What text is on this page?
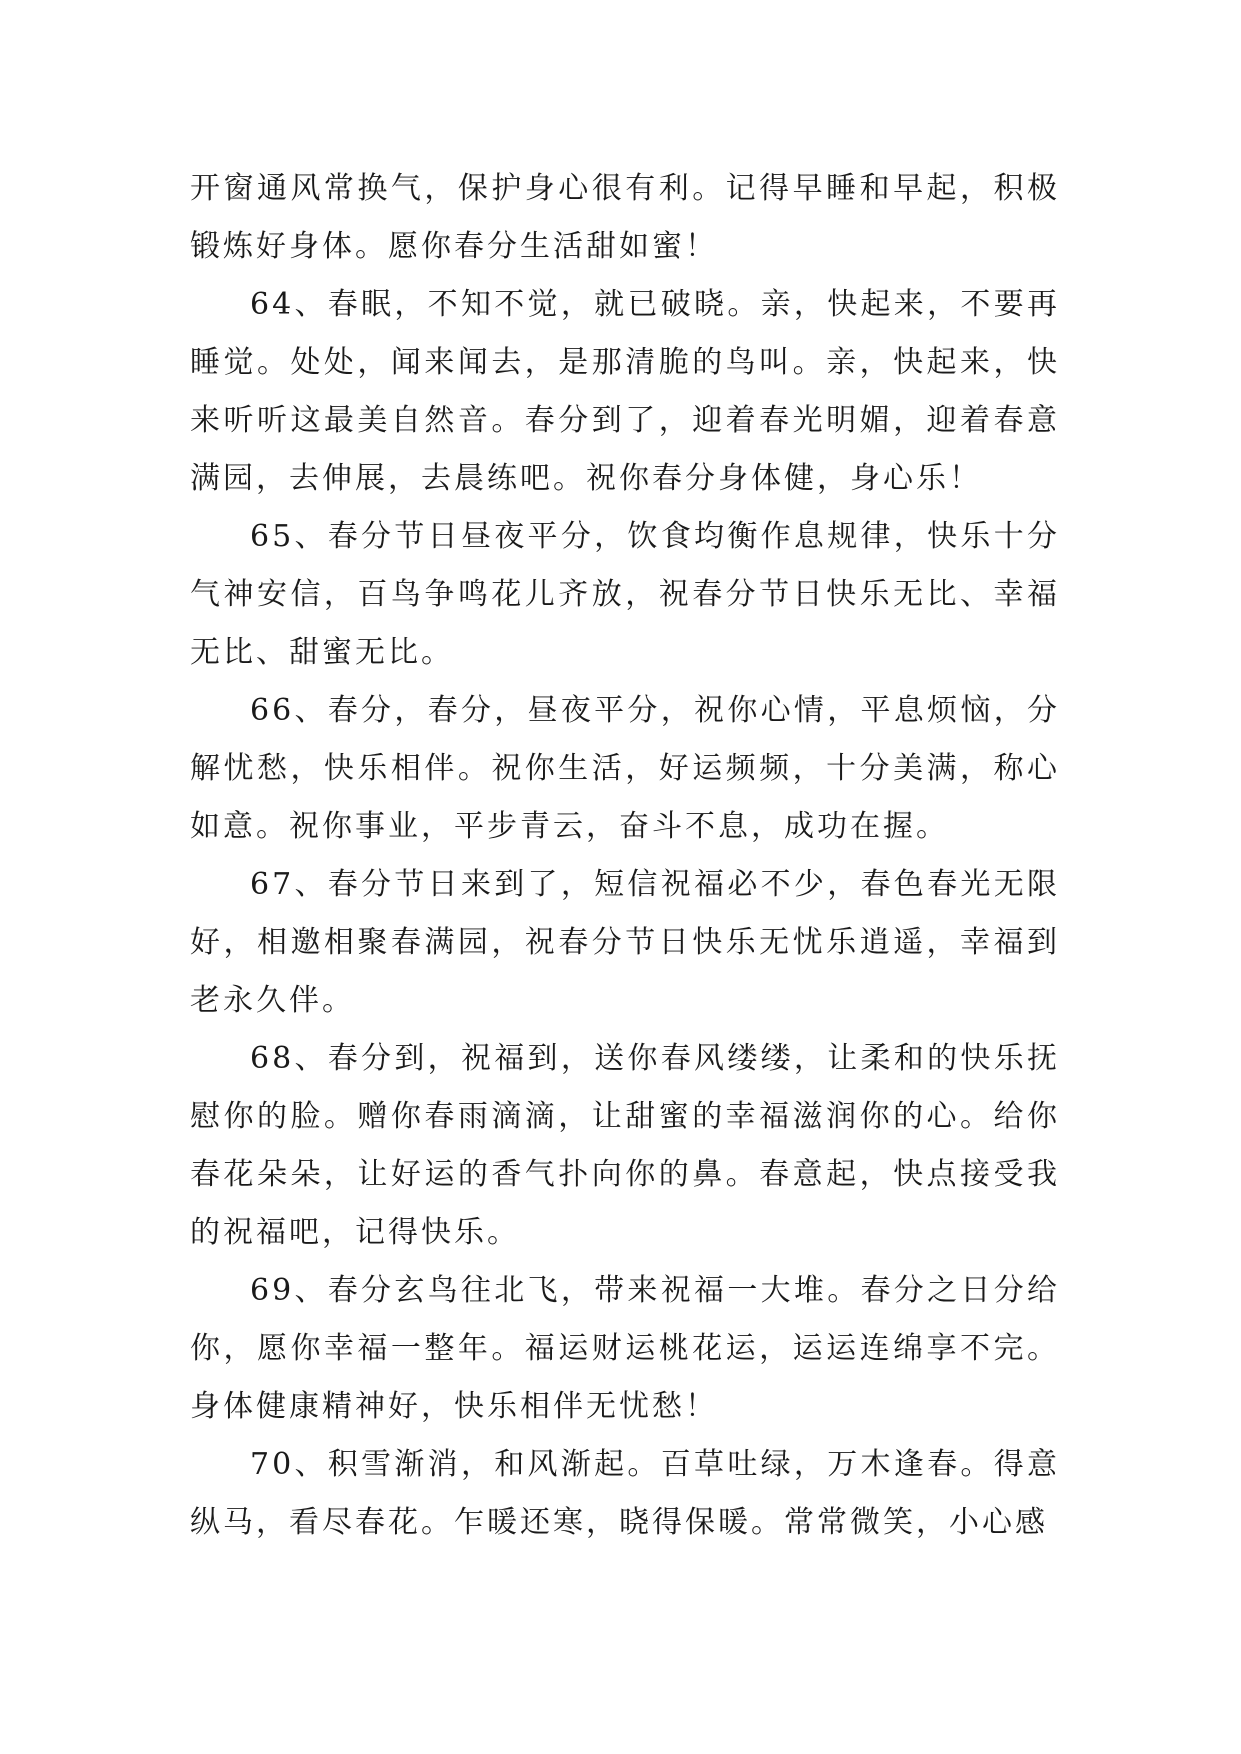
开窗通风常换气，保护身心很有利。记得早睡和早起，积极锻炼好身体。愿你春分生活甜如蜜！

64、春眠，不知不觉，就已破晓。亲，快起来，不要再睡觉。处处，闻来闻去，是那清脆的鸟叫。亲，快起来，快来听听这最美自然音。春分到了，迎着春光明媚，迎着春意满园，去伸展，去晨练吧。祝你春分身体健，身心乐！

65、春分节日昼夜平分，饮食均衡作息规律，快乐十分气神安信，百鸟争鸣花儿齐放，祝春分节日快乐无比、幸福无比、甜蜜无比。

66、春分，春分，昼夜平分，祝你心情，平息烦恼，分解忧愁，快乐相伴。祝你生活，好运频频，十分美满，称心如意。祝你事业，平步青云，奋斗不息，成功在握。

67、春分节日来到了，短信祝福必不少，春色春光无限好，相邀相聚春满园，祝春分节日快乐无忧乐逍遥，幸福到老永久伴。

68、春分到，祝福到，送你春风缕缕，让柔和的快乐抚慰你的脸。赠你春雨滴滴，让甜蜜的幸福滋润你的心。给你春花朵朵，让好运的香气扑向你的鼻。春意起，快点接受我的祝福吧，记得快乐。

69、春分玄鸟往北飞，带来祝福一大堆。春分之日分给你，愿你幸福一整年。福运财运桃花运，运运连绵享不完。身体健康精神好，快乐相伴无忧愁！

70、积雪渐消，和风渐起。百草吐绿，万木逢春。得意纵马，看尽春花。乍暖还寒，晓得保暖。常常微笑，小心感
